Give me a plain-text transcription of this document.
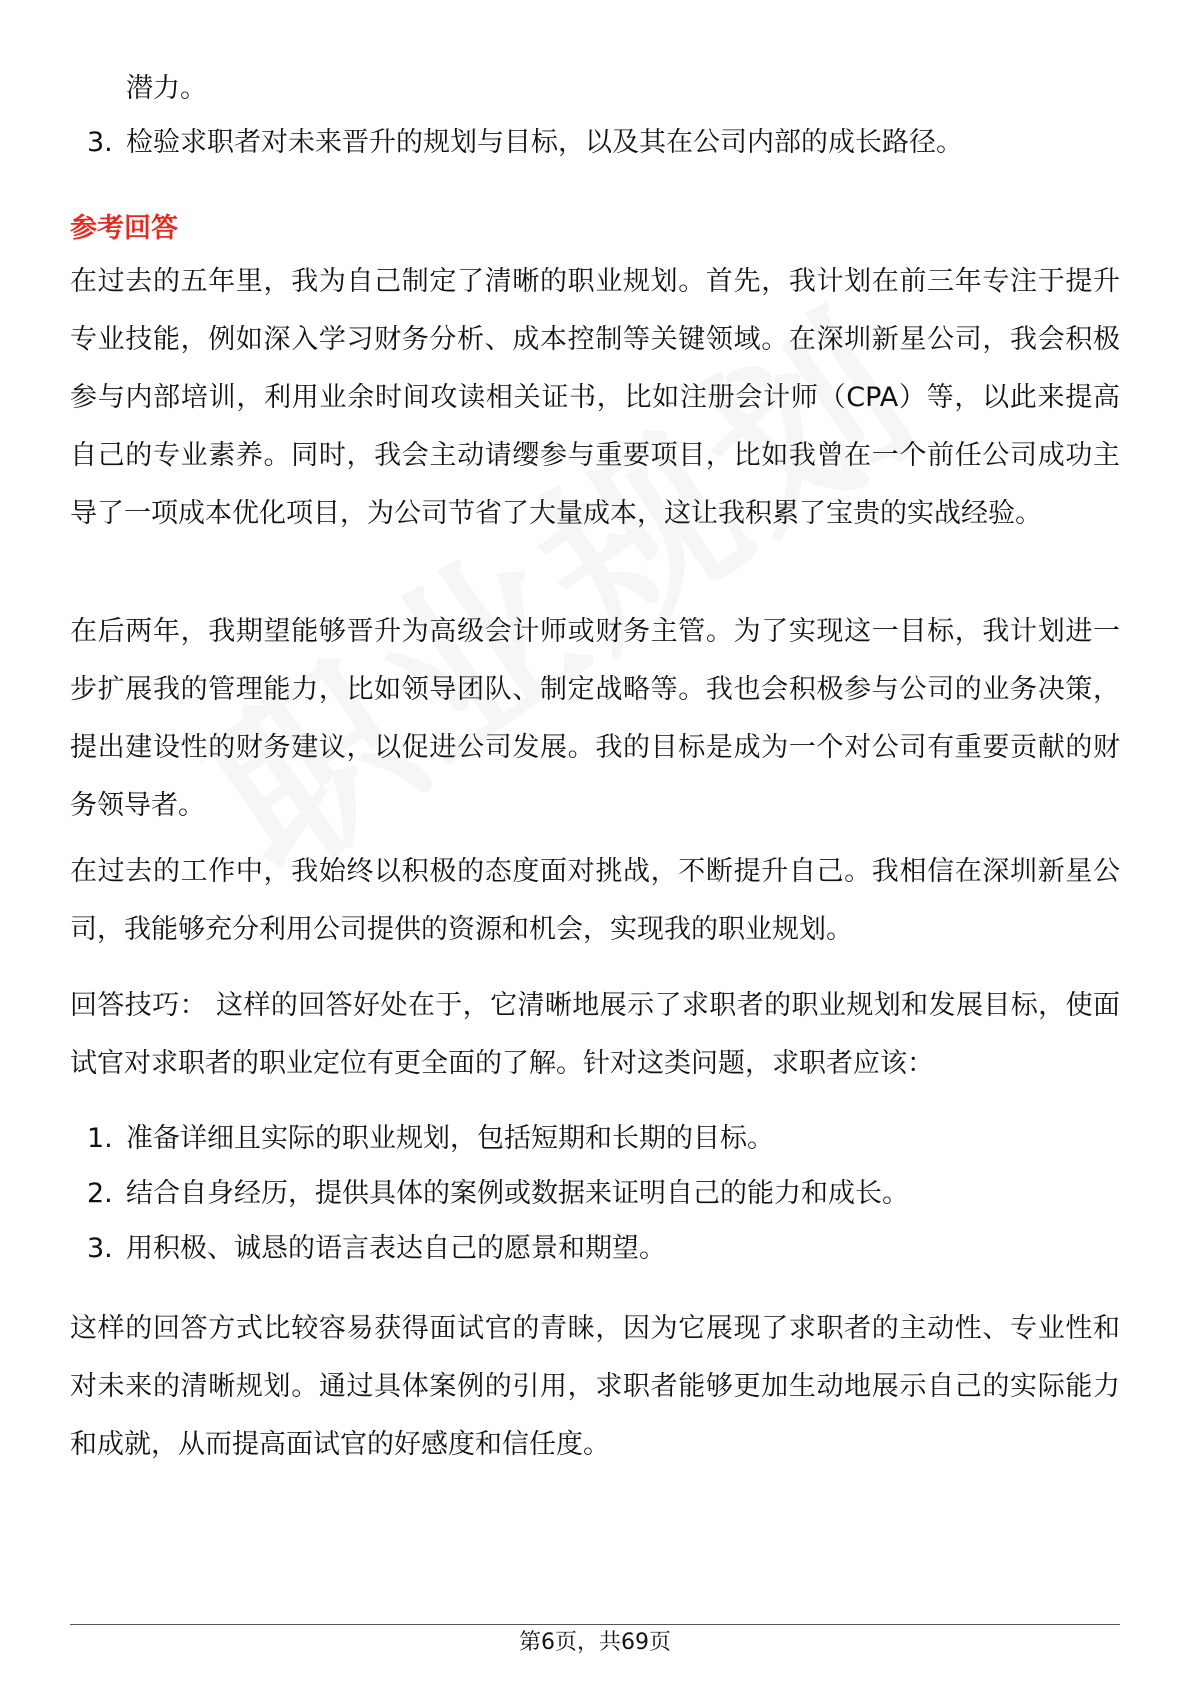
潜力。
3. 检验求职者对未来晋升的规划与目标，以及其在公司内部的成长路径。
参考回答
在过去的五年里，我为自己制定了清晰的职业规划。首先，我计划在前三年专注于提升专业技能，例如深入学习财务分析、成本控制等关键领域。在深圳新星公司，我会积极参与内部培训，利用业余时间攻读相关证书，比如注册会计师（CPA）等，以此来提高自己的专业素养。同时，我会主动请缨参与重要项目，比如我曾在一个前任公司成功主导了一项成本优化项目，为公司节省了大量成本，这让我积累了宝贵的实战经验。
在后两年，我期望能够晋升为高级会计师或财务主管。为了实现这一目标，我计划进一步扩展我的管理能力，比如领导团队、制定战略等。我也会积极参与公司的业务决策，提出建设性的财务建议，以促进公司发展。我的目标是成为一个对公司有重要贡献的财务领导者。
在过去的工作中，我始终以积极的态度面对挑战，不断提升自己。我相信在深圳新星公司，我能够充分利用公司提供的资源和机会，实现我的职业规划。
回答技巧： 这样的回答好处在于，它清晰地展示了求职者的职业规划和发展目标，使面试官对求职者的职业定位有更全面的了解。针对这类问题，求职者应该：
1. 准备详细且实际的职业规划，包括短期和长期的目标。
2. 结合自身经历，提供具体的案例或数据来证明自己的能力和成长。
3. 用积极、诚恳的语言表达自己的愿景和期望。
这样的回答方式比较容易获得面试官的青睐，因为它展现了求职者的主动性、专业性和对未来的清晰规划。通过具体案例的引用，求职者能够更加生动地展示自己的实际能力和成就，从而提高面试官的好感度和信任度。
第6页，共69页
